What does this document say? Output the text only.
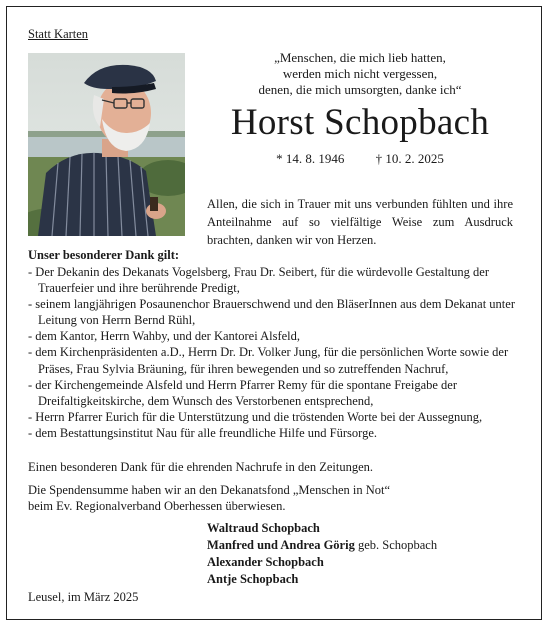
Statt Karten
„Menschen, die mich lieb hatten,
werden mich nicht vergessen,
denen, die mich umsorgten, danke ich“
Horst Schopbach
* 14. 8. 1946 † 10. 2. 2025
Allen, die sich in Trauer mit uns verbunden fühlten und ihre Anteilnahme auf so vielfältige Weise zum Ausdruck brachten, danken wir von Herzen.
Unser besonderer Dank gilt:
- Der Dekanin des Dekanats Vogelsberg, Frau Dr. Seibert, für die würdevolle Gestaltung der Trauerfeier und ihre berührende Predigt,
- seinem langjährigen Posaunenchor Brauerschwend und den BläserInnen aus dem Dekanat unter Leitung von Herrn Bernd Rühl,
- dem Kantor, Herrn Wahby, und der Kantorei Alsfeld,
- dem Kirchenpräsidenten a.D., Herrn Dr. Dr. Volker Jung, für die persönlichen Worte sowie der Präses, Frau Sylvia Bräuning, für ihren bewegenden und so zutreffenden Nachruf,
- der Kirchengemeinde Alsfeld und Herrn Pfarrer Remy für die spontane Freigabe der Dreifaltigkeitskirche, dem Wunsch des Verstorbenen entsprechend,
- Herrn Pfarrer Eurich für die Unterstützung und die tröstenden Worte bei der Aussegnung,
- dem Bestattungsinstitut Nau für alle freundliche Hilfe und Fürsorge.
Einen besonderen Dank für die ehrenden Nachrufe in den Zeitungen.
Die Spendensumme haben wir an den Dekanatsfond „Menschen in Not“
beim Ev. Regionalverband Oberhessen überwiesen.
Waltraud Schopbach
Manfred und Andrea Görig geb. Schopbach
Alexander Schopbach
Antje Schopbach
Leusel, im März 2025
